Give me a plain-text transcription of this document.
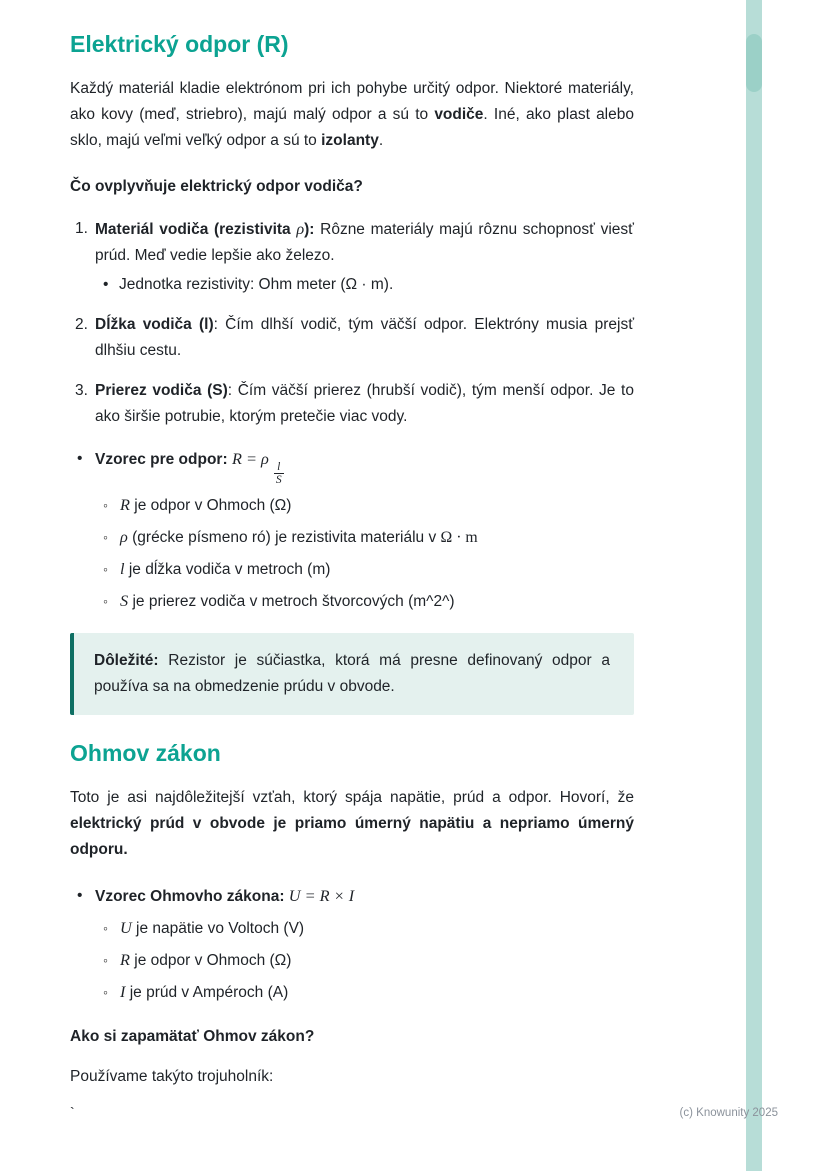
Elektrický odpor (R)

Každý materiál kladie elektrónom pri ich pohybe určitý odpor. Niektoré materiály, ako kovy (meď, striebro), majú malý odpor a sú to vodiče. Iné, ako plast alebo sklo, majú veľmi veľký odpor a sú to izolanty.

Čo ovplyvňuje elektrický odpor vodiča?

1. Materiál vodiča (rezistivita ρ): Rôzne materiály majú rôznu schopnosť viesť prúd. Meď vedie lepšie ako železo.

• Jednotka rezistivity: Ohm meter (Ω · m).

2. Dĺžka vodiča (l): Čím dlhší vodič, tým väčší odpor. Elektróny musia prejsť dlhšiu cestu.

3. Prierez vodiča (S): Čím väčší prierez (hrubší vodič), tým menší odpor. Je to ako širšie potrubie, ktorým pretečie viac vody.

• Vzorec pre odpor: R = ρ
$\frac{l}{S}$

◦ R je odpor v Ohmoch (Ω)

◦ ρ (grécke písmeno ró) je rezistivita materiálu v Ω · m

◦ l je dĺžka vodiča v metroch (m)

◦ S je prierez vodiča v metroch štvorcových (m^2^)

Dôležité: Rezistor je súčiastka, ktorá má presne definovaný odpor a používa sa na obmedzenie prúdu v obvode.

Ohmov zákon

Toto je asi najdôležitejší vzťah, ktorý spája napätie, prúd a odpor. Hovorí, že elektrický prúd v obvode je priamo úmerný napätiu a nepriamo úmerný odporu.

• Vzorec Ohmovho zákona: U = R × I

◦ U je napätie vo Voltoch (V)

◦ R je odpor v Ohmoch (Ω)

◦ I je prúd v Ampéroch (A)

Ako si zapamätať Ohmov zákon?

Používame takýto trojuholník:

`	(c) Knowunity 2025
